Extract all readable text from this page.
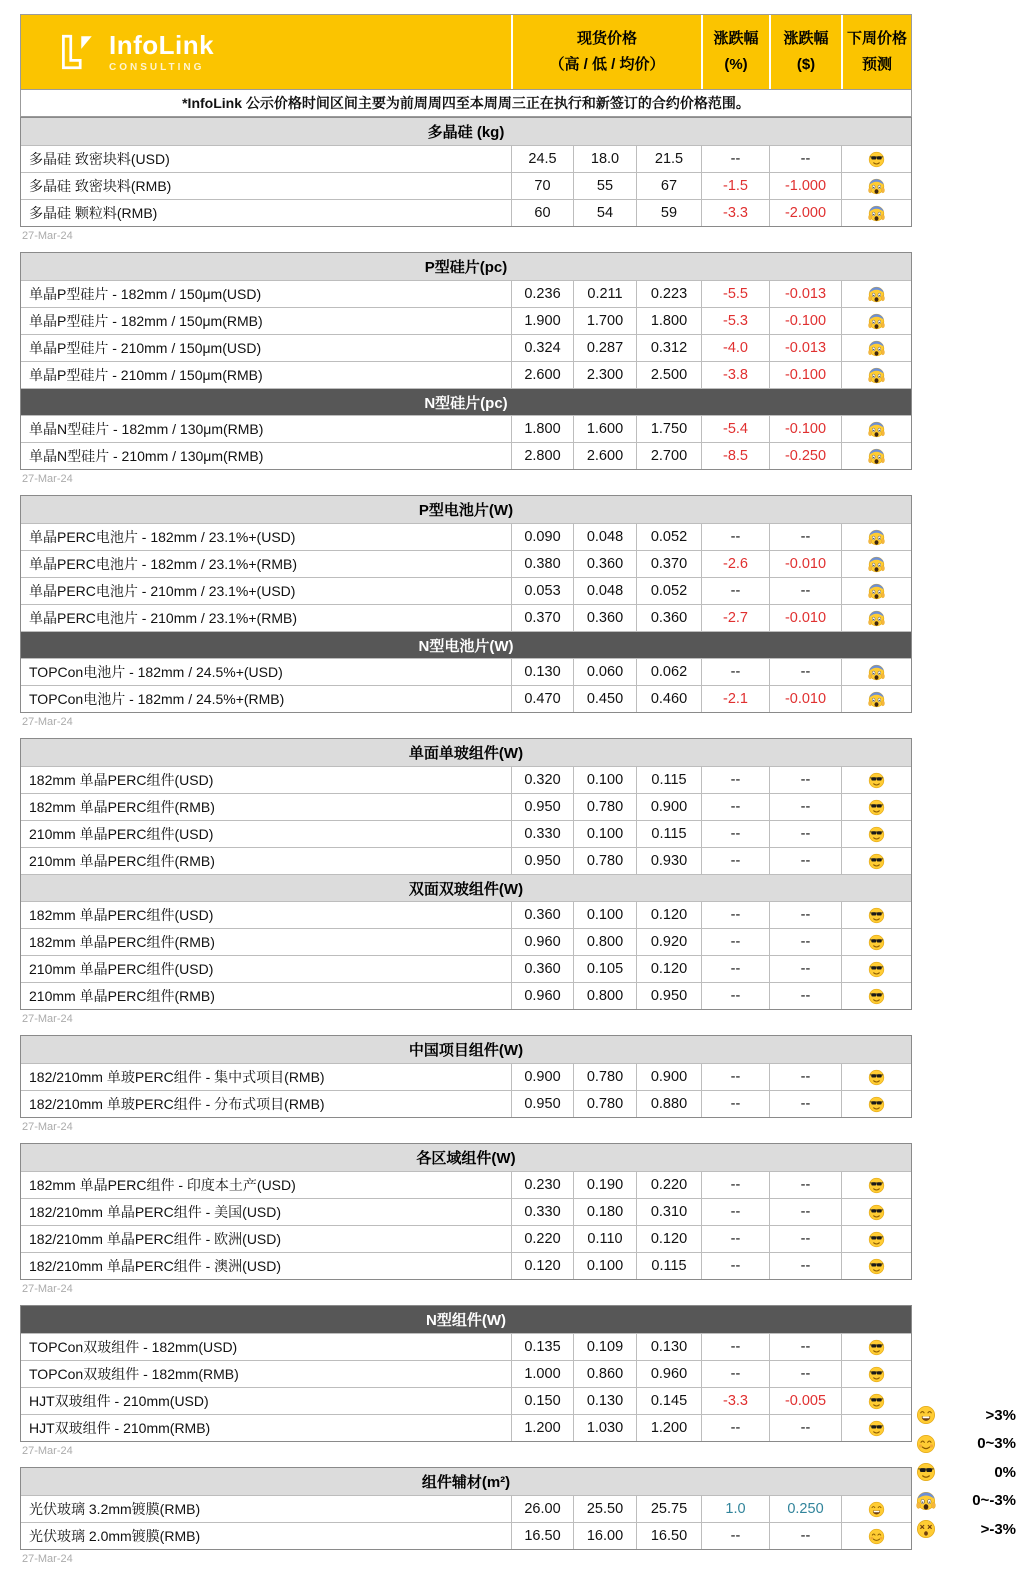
InfoLink
CONSULTING
现货价格
（高 / 低 / 均价）
涨跌幅
(%)
涨跌幅
($)
下周价格
预测
*InfoLink 公示价格时间区间主要为前周周四至本周周三正在执行和新签订的合约价格范围。
多晶硅 (kg)
多晶硅 致密块料(USD)	24.5	18.0	21.5	--	--
多晶硅 致密块料(RMB)	70	55	67	-1.5	-1.000
多晶硅 颗粒料(RMB)	60	54	59	-3.3	-2.000
27-Mar-24
P型硅片(pc)
单晶P型硅片 - 182mm / 150μm(USD)	0.236	0.211	0.223	-5.5	-0.013
单晶P型硅片 - 182mm / 150μm(RMB)	1.900	1.700	1.800	-5.3	-0.100
单晶P型硅片 - 210mm / 150μm(USD)	0.324	0.287	0.312	-4.0	-0.013
单晶P型硅片 - 210mm / 150μm(RMB)	2.600	2.300	2.500	-3.8	-0.100
N型硅片(pc)
单晶N型硅片 - 182mm / 130μm(RMB)	1.800	1.600	1.750	-5.4	-0.100
单晶N型硅片 - 210mm / 130μm(RMB)	2.800	2.600	2.700	-8.5	-0.250
27-Mar-24
P型电池片(W)
单晶PERC电池片 - 182mm / 23.1%+(USD)	0.090	0.048	0.052	--	--
单晶PERC电池片 - 182mm / 23.1%+(RMB)	0.380	0.360	0.370	-2.6	-0.010
单晶PERC电池片 - 210mm / 23.1%+(USD)	0.053	0.048	0.052	--	--
单晶PERC电池片 - 210mm / 23.1%+(RMB)	0.370	0.360	0.360	-2.7	-0.010
N型电池片(W)
TOPCon电池片 - 182mm / 24.5%+(USD)	0.130	0.060	0.062	--	--
TOPCon电池片 - 182mm / 24.5%+(RMB)	0.470	0.450	0.460	-2.1	-0.010
27-Mar-24
单面单玻组件(W)
182mm 单晶PERC组件(USD)	0.320	0.100	0.115	--	--
182mm 单晶PERC组件(RMB)	0.950	0.780	0.900	--	--
210mm 单晶PERC组件(USD)	0.330	0.100	0.115	--	--
210mm 单晶PERC组件(RMB)	0.950	0.780	0.930	--	--
双面双玻组件(W)
182mm 单晶PERC组件(USD)	0.360	0.100	0.120	--	--
182mm 单晶PERC组件(RMB)	0.960	0.800	0.920	--	--
210mm 单晶PERC组件(USD)	0.360	0.105	0.120	--	--
210mm 单晶PERC组件(RMB)	0.960	0.800	0.950	--	--
27-Mar-24
中国项目组件(W)
182/210mm 单玻PERC组件 - 集中式项目(RMB)	0.900	0.780	0.900	--	--
182/210mm 单玻PERC组件 - 分布式项目(RMB)	0.950	0.780	0.880	--	--
27-Mar-24
各区域组件(W)
182mm 单晶PERC组件 - 印度本土产(USD)	0.230	0.190	0.220	--	--
182/210mm 单晶PERC组件 - 美国(USD)	0.330	0.180	0.310	--	--
182/210mm 单晶PERC组件 - 欧洲(USD)	0.220	0.110	0.120	--	--
182/210mm 单晶PERC组件 - 澳洲(USD)	0.120	0.100	0.115	--	--
27-Mar-24
N型组件(W)
TOPCon双玻组件 - 182mm(USD)	0.135	0.109	0.130	--	--
TOPCon双玻组件 - 182mm(RMB)	1.000	0.860	0.960	--	--
HJT双玻组件 - 210mm(USD)	0.150	0.130	0.145	-3.3	-0.005
HJT双玻组件 - 210mm(RMB)	1.200	1.030	1.200	--	--
27-Mar-24
组件辅材(m²)
光伏玻璃 3.2mm镀膜(RMB)	26.00	25.50	25.75	1.0	0.250
光伏玻璃 2.0mm镀膜(RMB)	16.50	16.00	16.50	--	--
27-Mar-24
>3%
0~3%
0%
0~-3%
>-3%
